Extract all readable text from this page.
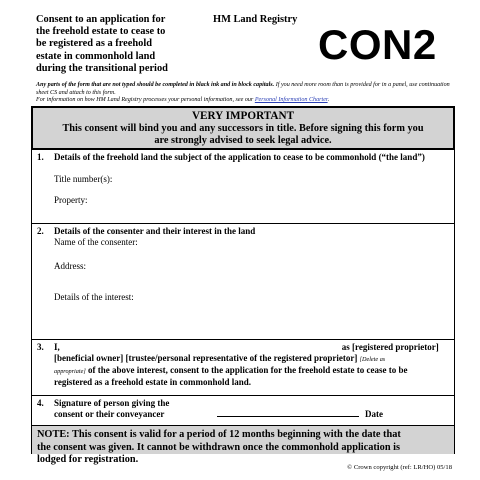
Consent to an application for
the freehold estate to cease to
be registered as a freehold
estate in commonhold land
during the transitional period
HM Land Registry
CON2
Any parts of the form that are not typed should be completed in black ink and in block capitals. If you need more room than is provided for in a panel, use continuation sheet CS and attach to this form.
For information on how HM Land Registry processes your personal information, see our Personal Information Charter.
VERY IMPORTANT
This consent will bind you and any successors in title. Before signing this form you
are strongly advised to seek legal advice.
1. Details of the freehold land the subject of the application to cease to be commonhold (“the land”)
Title number(s):
Property:
2. Details of the consenter and their interest in the land
Name of the consenter:
Address:
Details of the interest:
3. I,	as [registered proprietor]
[beneficial owner] [trustee/personal representative of the registered proprietor] [Delete as
appropriate] of the above interest, consent to the application for the freehold estate to cease to be
registered as a freehold estate in commonhold land.
4. Signature of person giving the
consent or their conveyancer	Date
NOTE: This consent is valid for a period of 12 months beginning with the date that
the consent was given. It cannot be withdrawn once the commonhold application is
lodged for registration.
© Crown copyright (ref: LR/HO) 05/18
